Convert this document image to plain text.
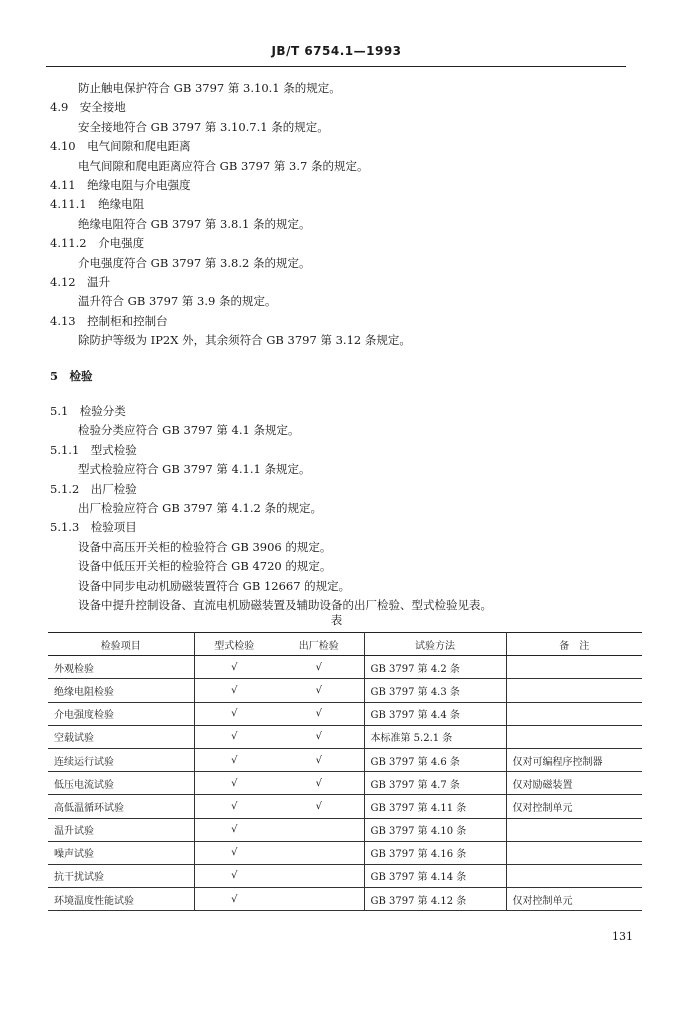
JB/T 6754.1—1993
防止触电保护符合 GB 3797 第 3.10.1 条的规定。
4.9　安全接地
安全接地符合 GB 3797 第 3.10.7.1 条的规定。
4.10　电气间隙和爬电距离
电气间隙和爬电距离应符合 GB 3797 第 3.7 条的规定。
4.11　绝缘电阻与介电强度
4.11.1　绝缘电阻
绝缘电阻符合 GB 3797 第 3.8.1 条的规定。
4.11.2　介电强度
介电强度符合 GB 3797 第 3.8.2 条的规定。
4.12　温升
温升符合 GB 3797 第 3.9 条的规定。
4.13　控制柜和控制台
除防护等级为 IP2X 外，其余须符合 GB 3797 第 3.12 条规定。
5　检验
5.1　检验分类
检验分类应符合 GB 3797 第 4.1 条规定。
5.1.1　型式检验
型式检验应符合 GB 3797 第 4.1.1 条规定。
5.1.2　出厂检验
出厂检验应符合 GB 3797 第 4.1.2 条的规定。
5.1.3　检验项目
设备中高压开关柜的检验符合 GB 3906 的规定。
设备中低压开关柜的检验符合 GB 4720 的规定。
设备中同步电动机励磁装置符合 GB 12667 的规定。
设备中提升控制设备、直流电机励磁装置及辅助设备的出厂检验、型式检验见表。
表
检验项目	型式检验	出厂检验	试验方法	备　注
外观检验	√	√	GB 3797 第 4.2 条	
绝缘电阻检验	√	√	GB 3797 第 4.3 条	
介电强度检验	√	√	GB 3797 第 4.4 条	
空载试验	√	√	本标准第 5.2.1 条	
连续运行试验	√	√	GB 3797 第 4.6 条	仅对可编程序控制器
低压电流试验	√	√	GB 3797 第 4.7 条	仅对励磁装置
高低温循环试验	√	√	GB 3797 第 4.11 条	仅对控制单元
温升试验	√		GB 3797 第 4.10 条	
噪声试验	√		GB 3797 第 4.16 条	
抗干扰试验	√		GB 3797 第 4.14 条	
环境温度性能试验	√		GB 3797 第 4.12 条	仅对控制单元
131
